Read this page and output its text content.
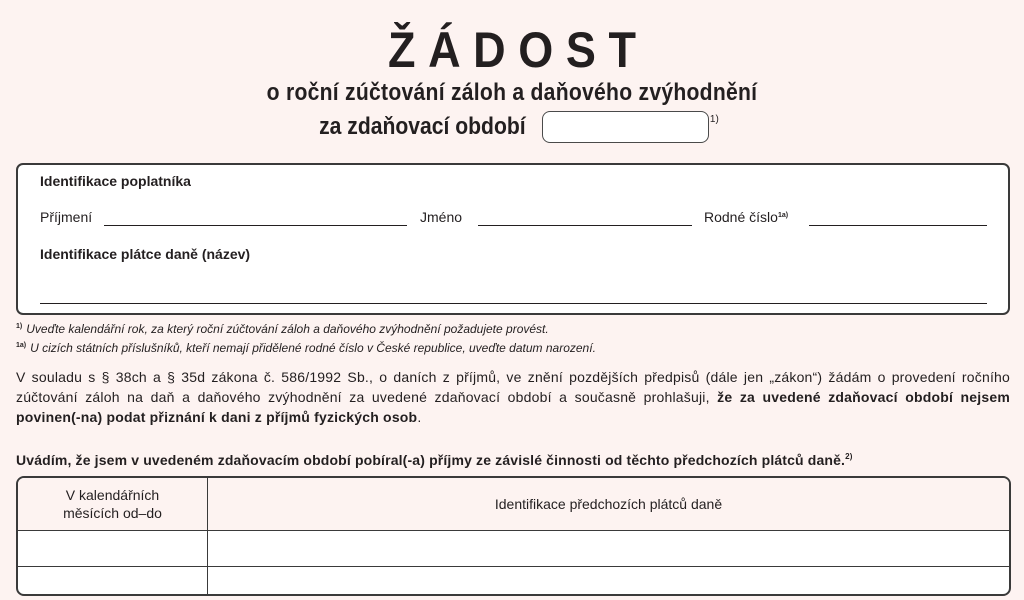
ŽÁDOST
o roční zúčtování záloh a daňového zvýhodnění
za zdaňovací období	1)
Identifikace poplatníka
Příjmení	Jméno	Rodné číslo$^{1a)}$
Identifikace plátce daně (název)
$^{1)}$ Uveďte kalendářní rok, za který roční zúčtování záloh a daňového zvýhodnění požadujete provést.
$^{1a)}$ U cizích státních příslušníků, kteří nemají přidělené rodné číslo v České republice, uveďte datum narození.
V souladu s § 38ch a § 35d zákona č. 586/1992 Sb., o daních z příjmů, ve znění pozdějších předpisů (dále jen „zákon“) žádám o provedení ročního zúčtování záloh na daň a daňového zvýhodnění za uvedené zdaňovací období a současně prohlašuji, že za uvedené zdaňovací období nejsem povinen(-na) podat přiznání k dani z příjmů fyzických osob.
Uvádím, že jsem v uvedeném zdaňovacím období pobíral(-a) příjmy ze závislé činnosti od těchto předchozích plátců daně.$^{2)}$
V kalendářních měsících od–do	Identifikace předchozích plátců daně
